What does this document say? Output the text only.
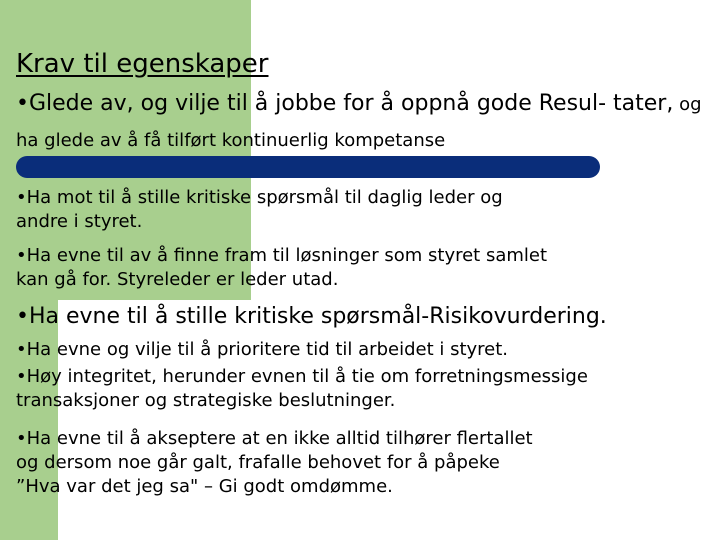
Krav til egenskaper
•Glede av, og vilje til å jobbe for å oppnå gode Resul- tater, og ha glede av å få tilført kontinuerlig kompetanse
•Ha mot til å stille kritiske spørsmål til daglig leder og
andre i styret.
•Ha evne til av å finne fram til løsninger som styret samlet
kan gå for. Styreleder er leder utad.
•Ha evne til å stille kritiske spørsmål-Risikovurdering.
•Ha evne og vilje til å prioritere tid til arbeidet i styret.
•Høy integritet, herunder evnen til å tie om forretningsmessige
transaksjoner og strategiske beslutninger.
•Ha evne til å akseptere at en ikke alltid tilhører flertallet
og dersom noe går galt, frafalle behovet for å påpeke
”Hva var det jeg sa" – Gi godt omdømme.
